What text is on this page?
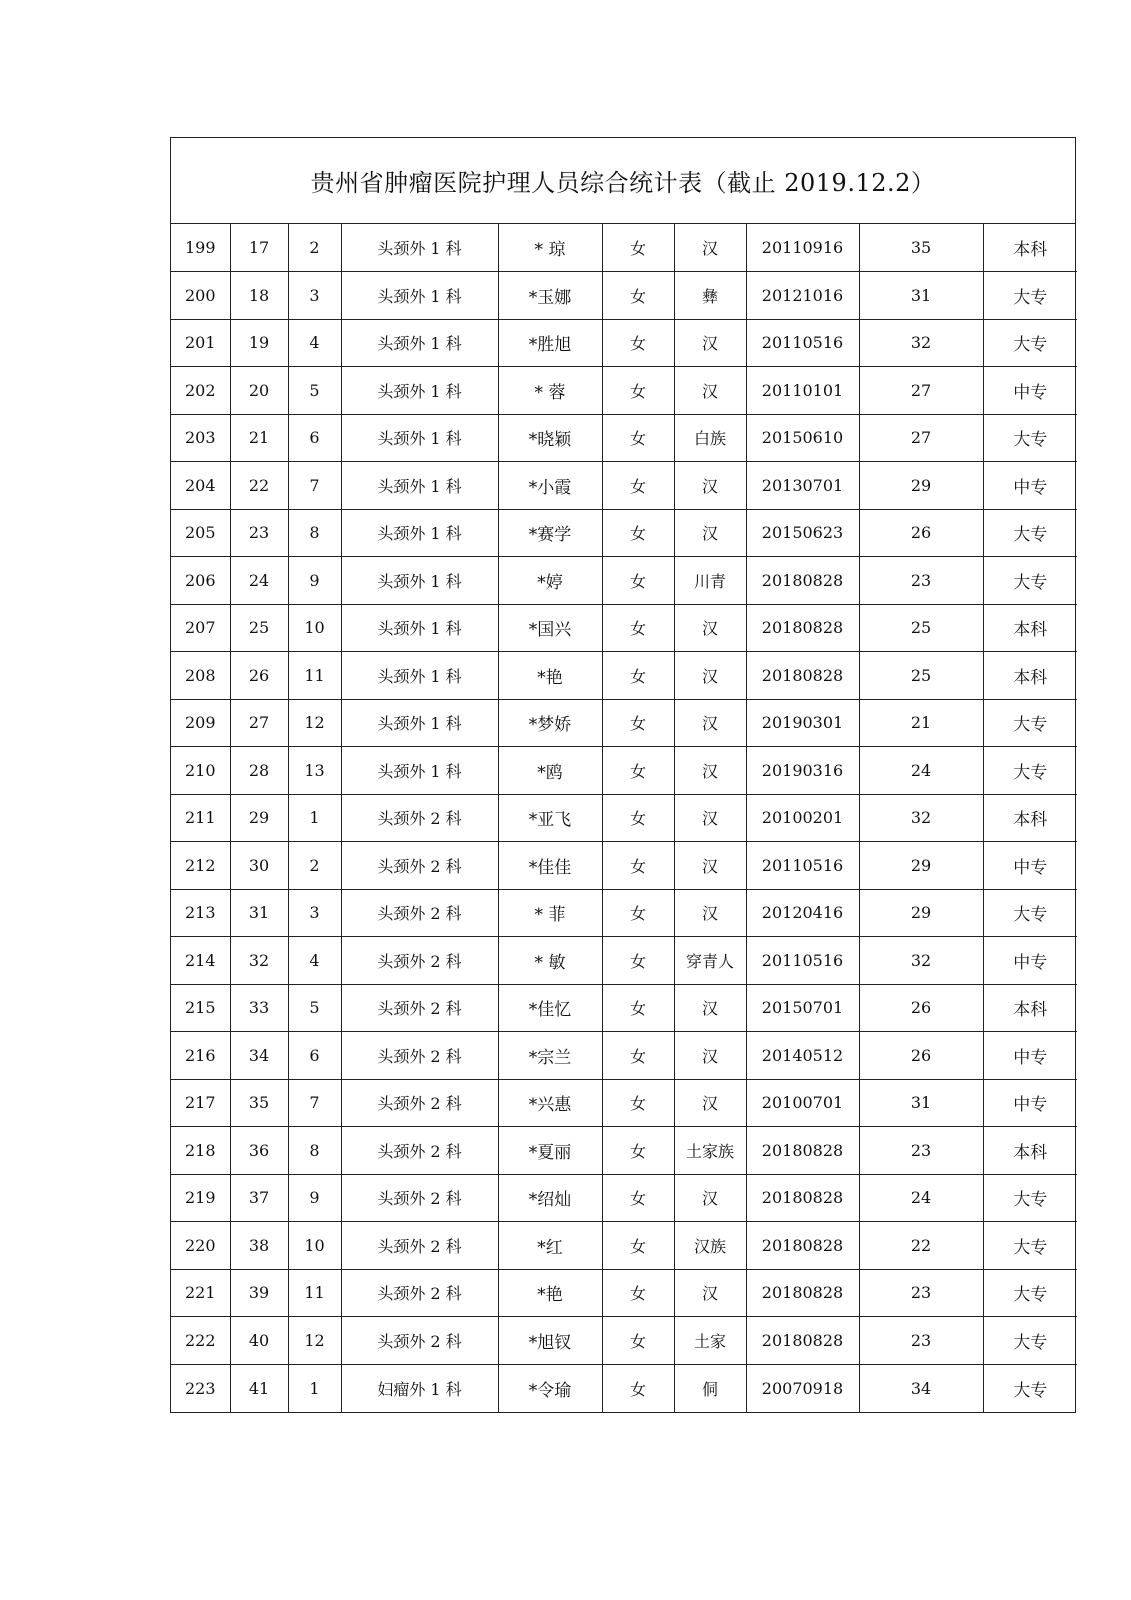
贵州省肿瘤医院护理人员综合统计表（截止 2019.12.2）
199	17	2	头颈外 1 科	* 琼	女	汉	20110916	35	本科
200	18	3	头颈外 1 科	*玉娜	女	彝	20121016	31	大专
201	19	4	头颈外 1 科	*胜旭	女	汉	20110516	32	大专
202	20	5	头颈外 1 科	* 蓉	女	汉	20110101	27	中专
203	21	6	头颈外 1 科	*晓颖	女	白族	20150610	27	大专
204	22	7	头颈外 1 科	*小霞	女	汉	20130701	29	中专
205	23	8	头颈外 1 科	*赛学	女	汉	20150623	26	大专
206	24	9	头颈外 1 科	*婷	女	川青	20180828	23	大专
207	25	10	头颈外 1 科	*国兴	女	汉	20180828	25	本科
208	26	11	头颈外 1 科	*艳	女	汉	20180828	25	本科
209	27	12	头颈外 1 科	*梦娇	女	汉	20190301	21	大专
210	28	13	头颈外 1 科	*鸥	女	汉	20190316	24	大专
211	29	1	头颈外 2 科	*亚飞	女	汉	20100201	32	本科
212	30	2	头颈外 2 科	*佳佳	女	汉	20110516	29	中专
213	31	3	头颈外 2 科	* 菲	女	汉	20120416	29	大专
214	32	4	头颈外 2 科	* 敏	女	穿青人	20110516	32	中专
215	33	5	头颈外 2 科	*佳忆	女	汉	20150701	26	本科
216	34	6	头颈外 2 科	*宗兰	女	汉	20140512	26	中专
217	35	7	头颈外 2 科	*兴惠	女	汉	20100701	31	中专
218	36	8	头颈外 2 科	*夏丽	女	土家族	20180828	23	本科
219	37	9	头颈外 2 科	*绍灿	女	汉	20180828	24	大专
220	38	10	头颈外 2 科	*红	女	汉族	20180828	22	大专
221	39	11	头颈外 2 科	*艳	女	汉	20180828	23	大专
222	40	12	头颈外 2 科	*旭钗	女	土家	20180828	23	大专
223	41	1	妇瘤外 1 科	*令瑜	女	侗	20070918	34	大专
